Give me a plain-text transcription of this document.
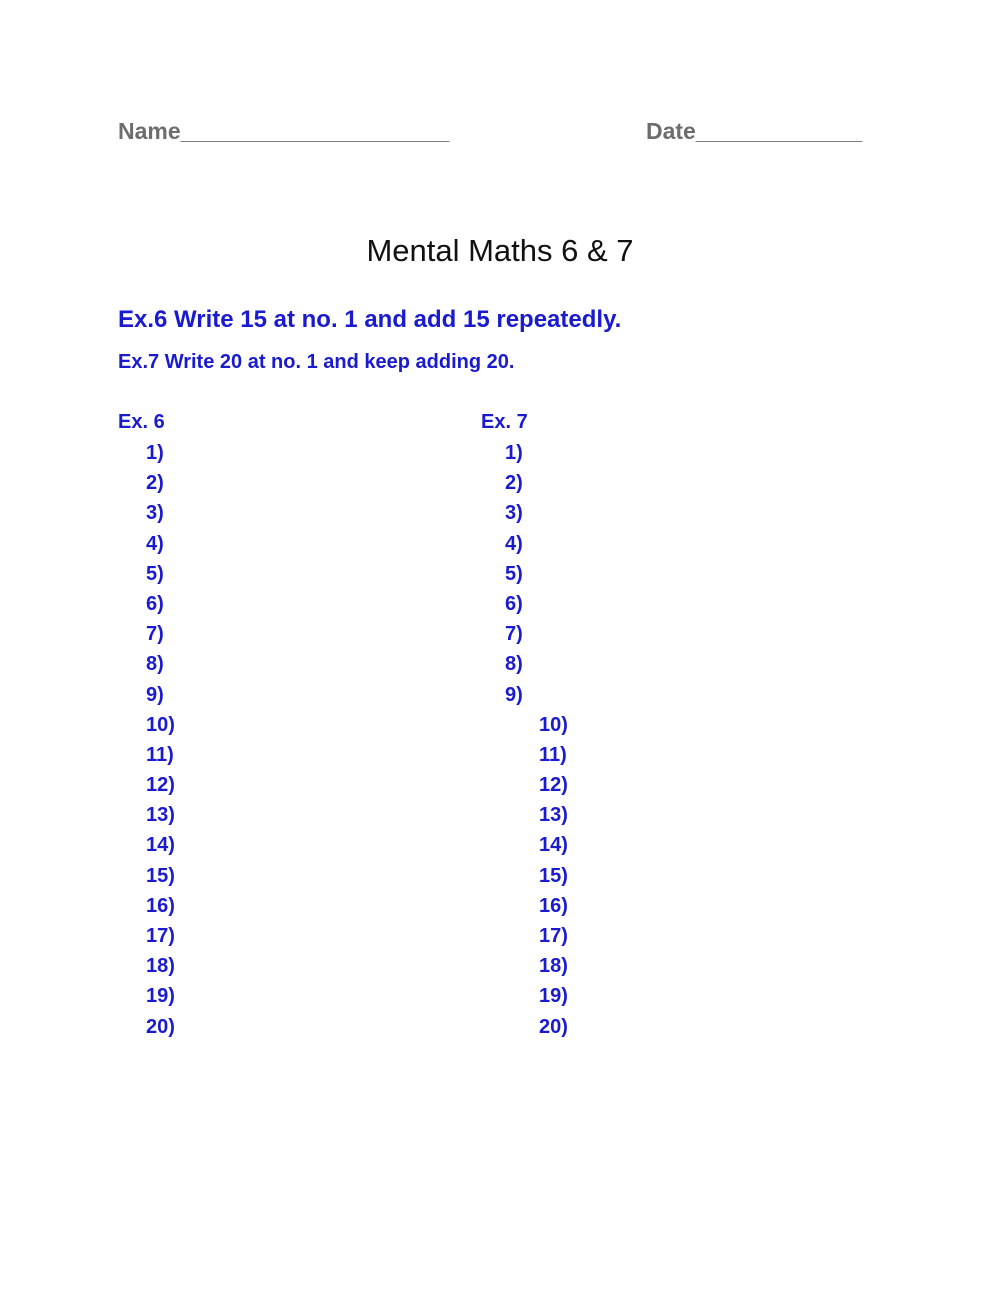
Name_____________________	Date_____________
Mental Maths 6 & 7
Ex.6 Write 15 at no. 1 and add 15 repeatedly.
Ex.7 Write 20 at no. 1 and keep adding 20.
Ex. 6	Ex. 7
1)
2)
3)
4)
5)
6)
7)
8)
9)
10)
11)
12)
13)
14)
15)
16)
17)
18)
19)
20)
1)
2)
3)
4)
5)
6)
7)
8)
9)
10)
11)
12)
13)
14)
15)
16)
17)
18)
19)
20)
